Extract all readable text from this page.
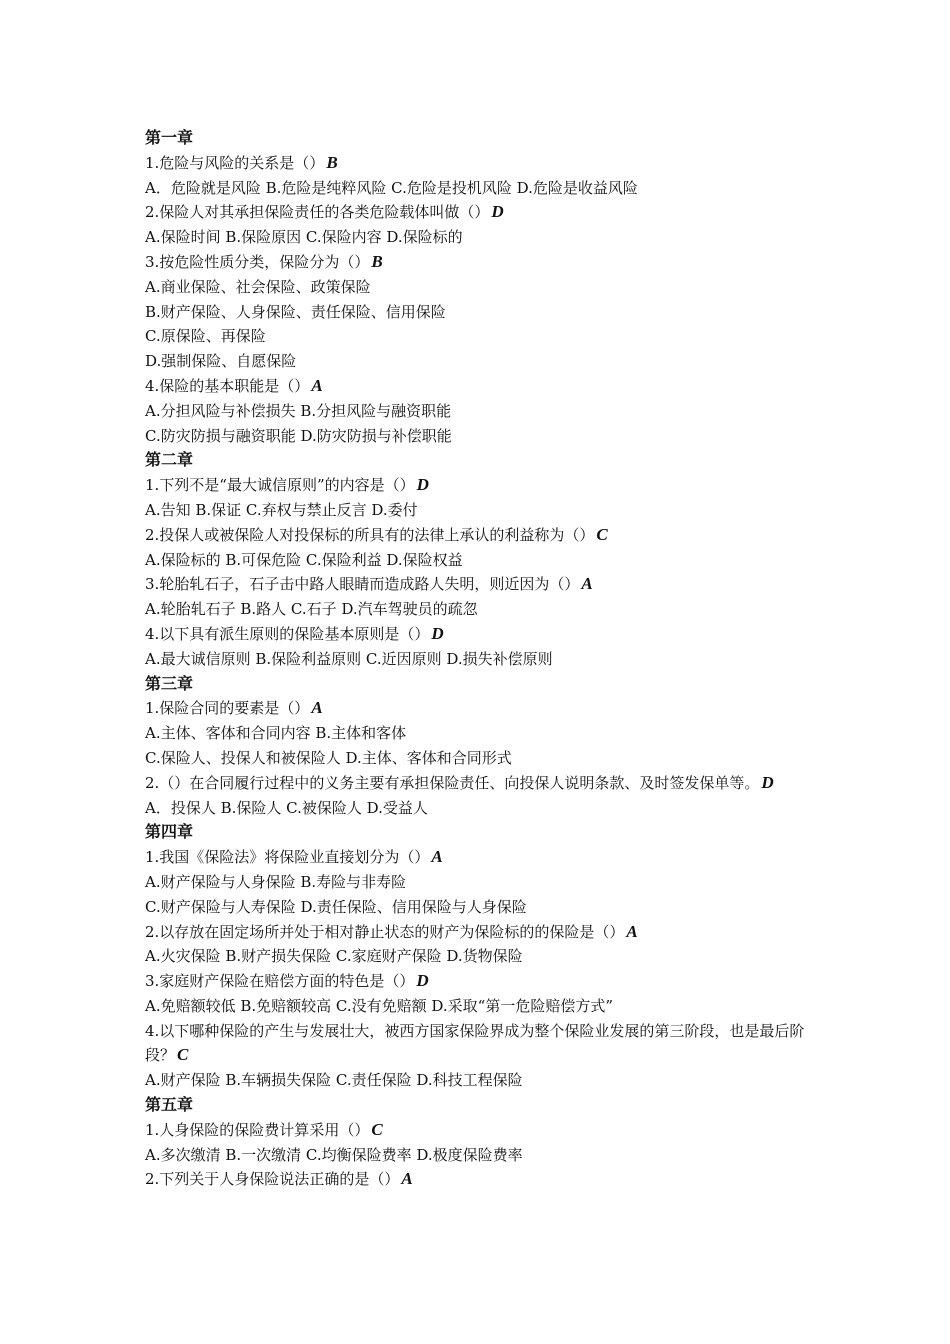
第一章
1.危险与风险的关系是（） B
A．危险就是风险 B.危险是纯粹风险 C.危险是投机风险 D.危险是收益风险
2.保险人对其承担保险责任的各类危险载体叫做（） D
A.保险时间 B.保险原因 C.保险内容 D.保险标的
3.按危险性质分类，保险分为（） B
A.商业保险、社会保险、政策保险
B.财产保险、人身保险、责任保险、信用保险
C.原保险、再保险
D.强制保险、自愿保险
4.保险的基本职能是（） A
A.分担风险与补偿损失 B.分担风险与融资职能
C.防灾防损与融资职能 D.防灾防损与补偿职能
第二章
1.下列不是“最大诚信原则”的内容是（） D
A.告知 B.保证 C.弃权与禁止反言 D.委付
2.投保人或被保险人对投保标的所具有的法律上承认的利益称为（） C
A.保险标的 B.可保危险 C.保险利益 D.保险权益
3.轮胎轧石子，石子击中路人眼睛而造成路人失明，则近因为（） A
A.轮胎轧石子 B.路人 C.石子 D.汽车驾驶员的疏忽
4.以下具有派生原则的保险基本原则是（） D
A.最大诚信原则 B.保险利益原则 C.近因原则 D.损失补偿原则
第三章
1.保险合同的要素是（） A
A.主体、客体和合同内容 B.主体和客体
C.保险人、投保人和被保险人 D.主体、客体和合同形式
2.（）在合同履行过程中的义务主要有承担保险责任、向投保人说明条款、及时签发保单等。 D
A．投保人 B.保险人 C.被保险人 D.受益人
第四章
1.我国《保险法》将保险业直接划分为（） A
A.财产保险与人身保险 B.寿险与非寿险
C.财产保险与人寿保险 D.责任保险、信用保险与人身保险
2.以存放在固定场所并处于相对静止状态的财产为保险标的的保险是（） A
A.火灾保险 B.财产损失保险 C.家庭财产保险 D.货物保险
3.家庭财产保险在赔偿方面的特色是（） D
A.免赔额较低 B.免赔额较高 C.没有免赔额 D.采取“第一危险赔偿方式”
4.以下哪种保险的产生与发展壮大，被西方国家保险界成为整个保险业发展的第三阶段，也是最后阶段？ C
A.财产保险 B.车辆损失保险 C.责任保险 D.科技工程保险
第五章
1.人身保险的保险费计算采用（） C
A.多次缴清 B.一次缴清 C.均衡保险费率 D.极度保险费率
2.下列关于人身保险说法正确的是（） A
